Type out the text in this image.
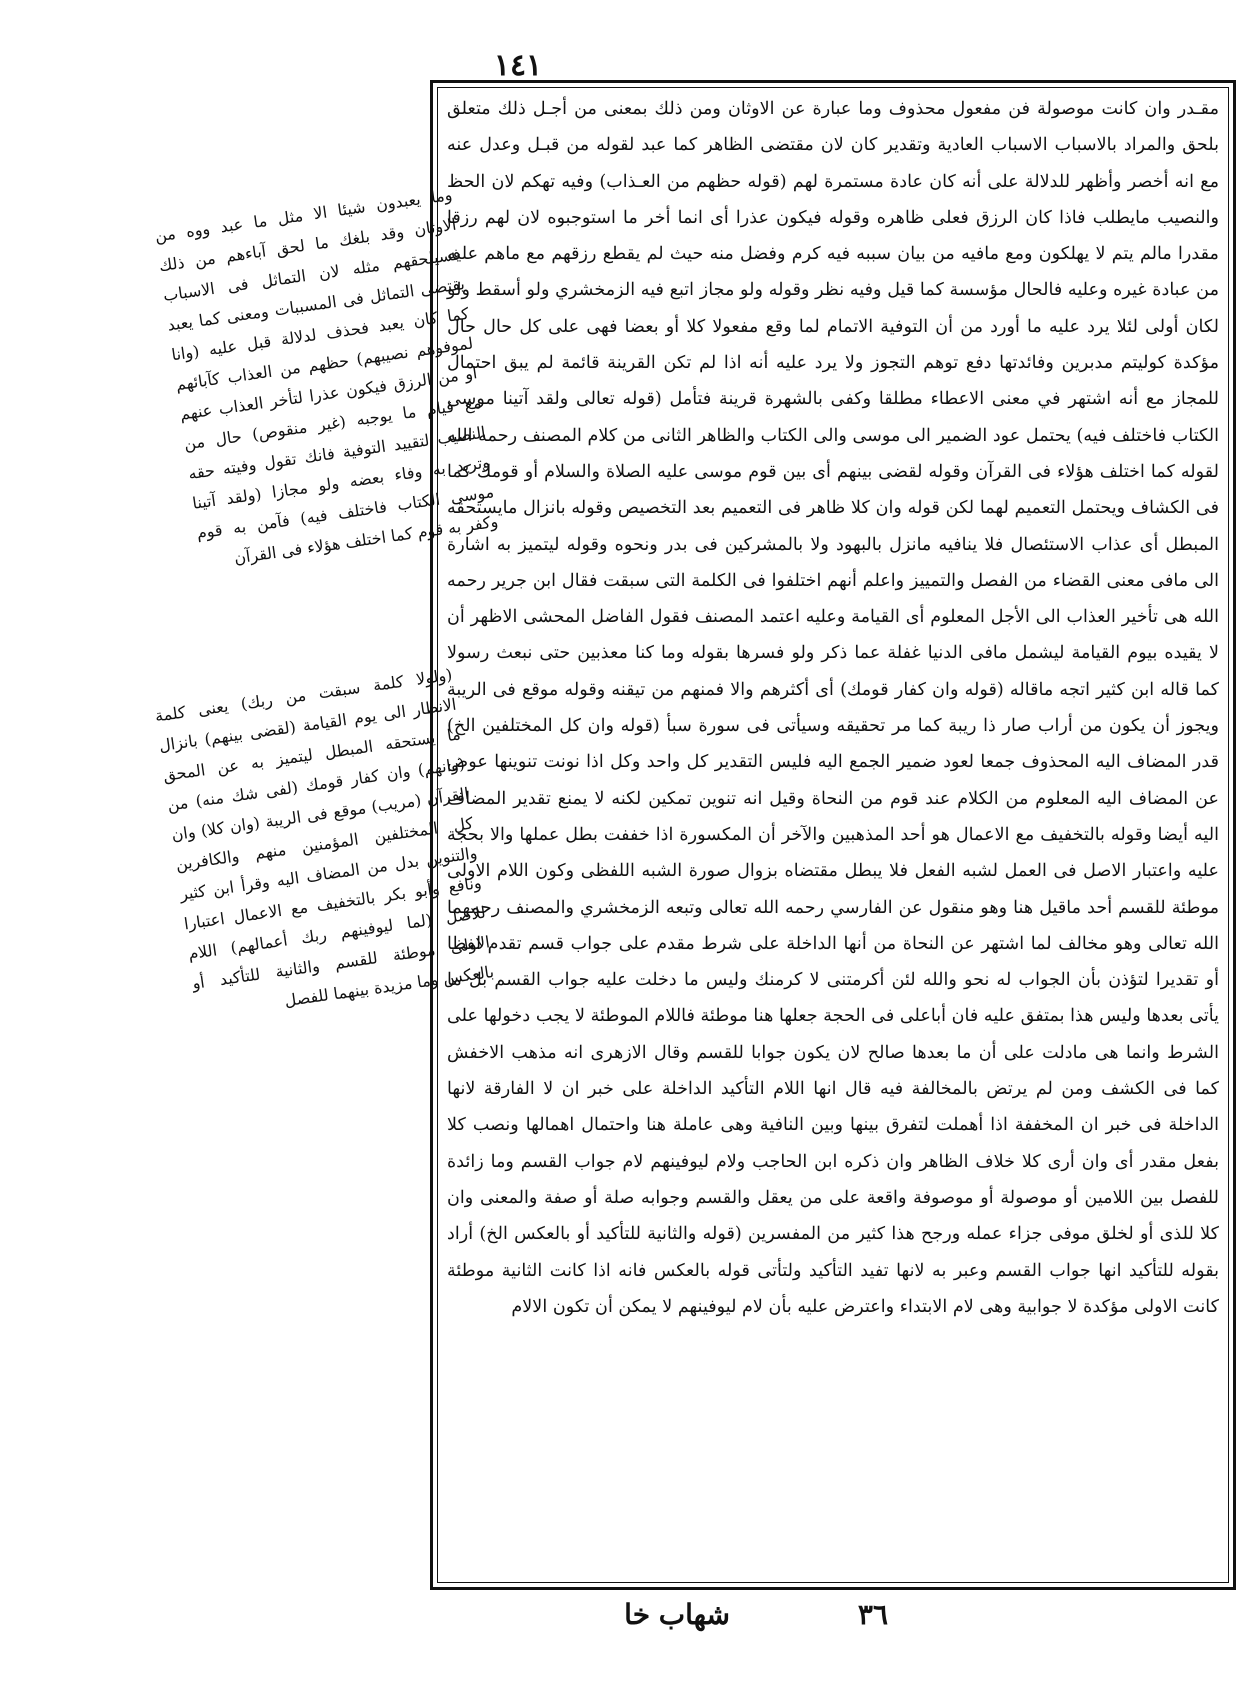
١٤١
وما يعبدون شيئا الا مثل ما عبد ووه من الاوثان وقد بلغك ما لحق آباءهم من ذلك فسيلحقهم مثله لان التماثل فى الاسباب يقتضى التماثل فى المسببات ومعنى كما يعبد كما كان يعبد فحذف لدلالة قبل عليه (وانا لموفوهم نصيبهم) حظهم من العذاب كآبائهم او من الرزق فيكون عذرا لتأخر العذاب عنهم مع قيام ما يوجبه (غير منقوص) حال من النصيب لتقييد التوفية فانك تقول وفيته حقه وتريد به وفاء بعضه ولو مجازا (ولقد آتينا موسى الكتاب فاختلف فيه) فآمن به قوم وكفر به قوم كما اختلف هؤلاء فى القرآن
(ولولا كلمة سبقت من ربك) يعنى كلمة الانظار الى يوم القيامة (لقضى بينهم) بانزال ما يستحقه المبطل ليتميز به عن المحق (وانهم) وان كفار قومك (لفى شك منه) من القرآن (مريب) موقع فى الريبة (وان كلا) وان كل المختلفين المؤمنين منهم والكافرين والتنوين بدل من المضاف اليه وقرأ ابن كثير ونافع وأبو بكر بالتخفيف مع الاعمال اعتبارا للاصل (لما ليوفينهم ربك أعمالهم) اللام الاولى موطئة للقسم والثانية للتأكيد أو بالعكس وما مزيدة بينهما للفصل

مقـدر وان كانت موصولة فن مفعول محذوف وما عبارة عن الاوثان ومن ذلك بمعنى من أجـل ذلك متعلق بلحق والمراد بالاسباب الاسباب العادية وتقدير كان لان مقتضى الظاهر كما عبد لقوله من قبـل وعدل عنه مع انه أخصر وأظهر للدلالة على أنه كان عادة مستمرة لهم (قوله حظهم من العـذاب) وفيه تهكم لان الحظ والنصيب مايطلب فاذا كان الرزق فعلى ظاهره وقوله فيكون عذرا أى انما أخر ما استوجبوه لان لهم رزقا مقدرا مالم يتم لا يهلكون ومع مافيه من بيان سببه فيه كرم وفضل منه حيث لم يقطع رزقهم مع ماهم عليه من عبادة غيره وعليه فالحال مؤسسة كما قيل وفيه نظر وقوله ولو مجاز اتبع فيه الزمخشري ولو أسقط ولو لكان أولى لئلا يرد عليه ما أورد من أن التوفية الاتمام لما وقع مفعولا كلا أو بعضا فهى على كل حال حال مؤكدة كوليتم مدبرين وفائدتها دفع توهم التجوز ولا يرد عليه أنه اذا لم تكن القرينة قائمة لم يبق احتمال للمجاز مع أنه اشتهر في معنى الاعطاء مطلقا وكفى بالشهرة قرينة فتأمل (قوله تعالى ولقد آتينا موسى الكتاب فاختلف فيه) يحتمل عود الضمير الى موسى والى الكتاب والظاهر الثانى من كلام المصنف رحمه الله لقوله كما اختلف هؤلاء فى القرآن وقوله لقضى بينهم أى بين قوم موسى عليه الصلاة والسلام أو قومك كما فى الكشاف ويحتمل التعميم لهما لكن قوله وان كلا ظاهر فى التعميم بعد التخصيص وقوله بانزال مايستحقه المبطل أى عذاب الاستئصال فلا ينافيه مانزل بالبهود ولا بالمشركين فى بدر ونحوه وقوله ليتميز به اشارة الى مافى معنى القضاء من الفصل والتمييز واعلم أنهم اختلفوا فى الكلمة التى سبقت فقال ابن جرير رحمه الله هى تأخير العذاب الى الأجل المعلوم أى القيامة وعليه اعتمد المصنف فقول الفاضل المحشى الاظهر أن لا يقيده بيوم القيامة ليشمل مافى الدنيا غفلة عما ذكر ولو فسرها بقوله وما كنا معذبين حتى نبعث رسولا كما قاله ابن كثير اتجه ماقاله (قوله وان كفار قومك) أى أكثرهم والا فمنهم من تيقنه وقوله موقع فى الريبة ويجوز أن يكون من أراب صار ذا ريبة كما مر تحقيقه وسيأتى فى سورة سبأ (قوله وان كل المختلفين الخ) قدر المضاف اليه المحذوف جمعا لعود ضمير الجمع اليه فليس التقدير كل واحد وكل اذا نونت تنوينها عوض عن المضاف اليه المعلوم من الكلام عند قوم من النحاة وقيل انه تنوين تمكين لكنه لا يمنع تقدير المضاف اليه أيضا وقوله بالتخفيف مع الاعمال هو أحد المذهبين والآخر أن المكسورة اذا خففت بطل عملها والا بحجة عليه واعتبار الاصل فى العمل لشبه الفعل فلا يبطل مقتضاه بزوال صورة الشبه اللفظى وكون اللام الاولى موطئة للقسم أحد ماقيل هنا وهو منقول عن الفارسي رحمه الله تعالى وتبعه الزمخشري والمصنف رحمهما الله تعالى وهو مخالف لما اشتهر عن النحاة من أنها الداخلة على شرط مقدم على جواب قسم تقدم لفظا أو تقديرا لتؤذن بأن الجواب له نحو والله لئن أكرمتنى لا كرمنك وليس ما دخلت عليه جواب القسم بل ما يأتى بعدها وليس هذا بمتفق عليه فان أباعلى فى الحجة جعلها هنا موطئة فاللام الموطئة لا يجب دخولها على الشرط وانما هى مادلت على أن ما بعدها صالح لان يكون جوابا للقسم وقال الازهرى انه مذهب الاخفش كما فى الكشف ومن لم يرتض بالمخالفة فيه قال انها اللام التأكيد الداخلة على خبر ان لا الفارقة لانها الداخلة فى خبر ان المخففة اذا أهملت لتفرق بينها وبين النافية وهى عاملة هنا واحتمال اهمالها ونصب كلا بفعل مقدر أى وان أرى كلا خلاف الظاهر وان ذكره ابن الحاجب ولام ليوفينهم لام جواب القسم وما زائدة للفصل بين اللامين أو موصولة أو موصوفة واقعة على من يعقل والقسم وجوابه صلة أو صفة والمعنى وان كلا للذى أو لخلق موفى جزاء عمله ورجح هذا كثير من المفسرين (قوله والثانية للتأكيد أو بالعكس الخ) أراد بقوله للتأكيد انها جواب القسم وعبر به لانها تفيد التأكيد ولتأتى قوله بالعكس فانه اذا كانت الثانية موطئة كانت الاولى مؤكدة لا جوابية وهى لام الابتداء واعترض عليه بأن لام ليوفينهم لا يمكن أن تكون الالام

٣٦
شهاب
خا
